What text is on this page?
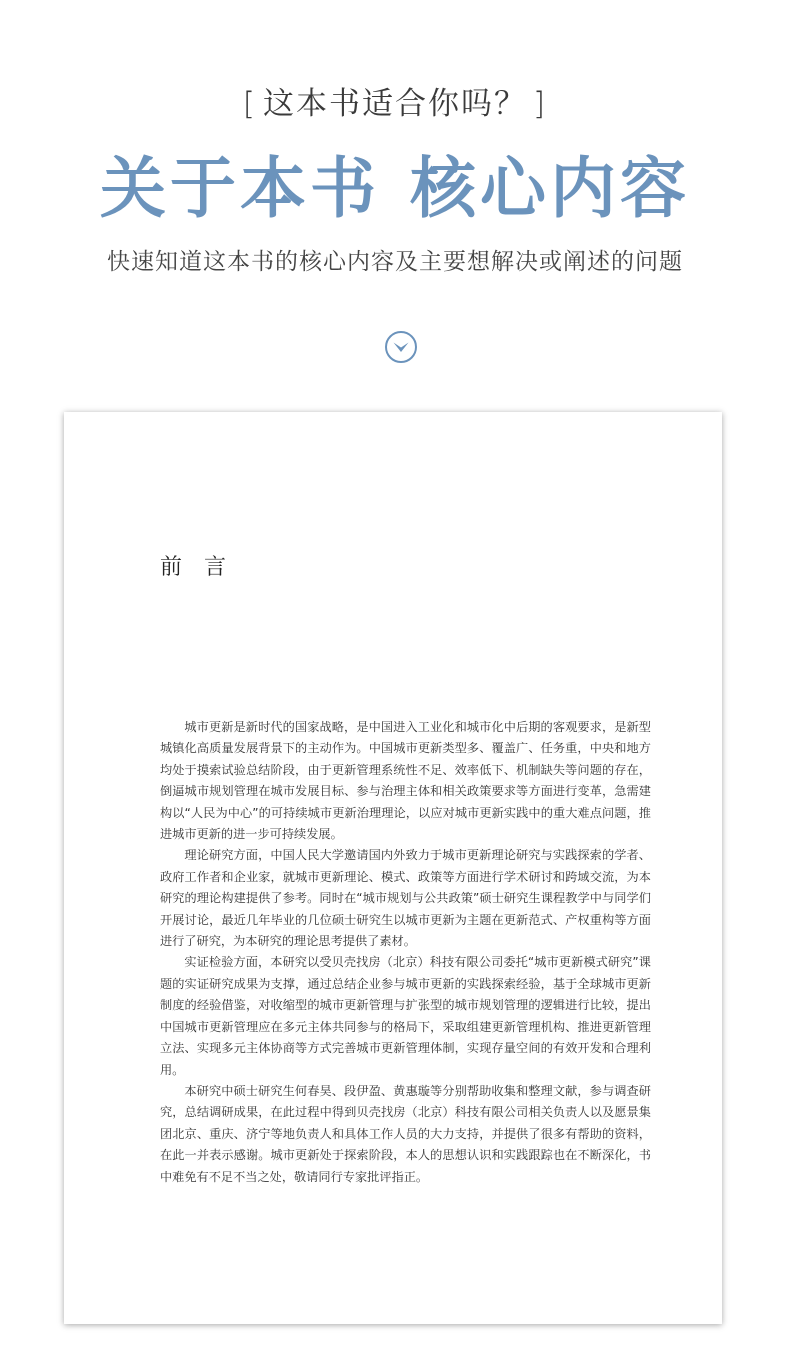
[ 这本书适合你吗？ ]
关于本书 核心内容
快速知道这本书的核心内容及主要想解决或阐述的问题
前言

城市更新是新时代的国家战略，是中国进入工业化和城市化中后期的客观要求，是新型城镇化高质量发展背景下的主动作为。中国城市更新类型多、覆盖广、任务重，中央和地方均处于摸索试验总结阶段，由于更新管理系统性不足、效率低下、机制缺失等问题的存在，倒逼城市规划管理在城市发展目标、参与治理主体和相关政策要求等方面进行变革，急需建构以“人民为中心”的可持续城市更新治理理论，以应对城市更新实践中的重大难点问题，推进城市更新的进一步可持续发展。

理论研究方面，中国人民大学邀请国内外致力于城市更新理论研究与实践探索的学者、政府工作者和企业家，就城市更新理论、模式、政策等方面进行学术研讨和跨域交流，为本研究的理论构建提供了参考。同时在“城市规划与公共政策”硕士研究生课程教学中与同学们开展讨论，最近几年毕业的几位硕士研究生以城市更新为主题在更新范式、产权重构等方面进行了研究，为本研究的理论思考提供了素材。

实证检验方面，本研究以受贝壳找房（北京）科技有限公司委托“城市更新模式研究”课题的实证研究成果为支撑，通过总结企业参与城市更新的实践探索经验，基于全球城市更新制度的经验借鉴，对收缩型的城市更新管理与扩张型的城市规划管理的逻辑进行比较，提出中国城市更新管理应在多元主体共同参与的格局下，采取组建更新管理机构、推进更新管理立法、实现多元主体协商等方式完善城市更新管理体制，实现存量空间的有效开发和合理利用。

本研究中硕士研究生何春昊、段伊盈、黄惠璇等分别帮助收集和整理文献，参与调查研究，总结调研成果，在此过程中得到贝壳找房（北京）科技有限公司相关负责人以及愿景集团北京、重庆、济宁等地负责人和具体工作人员的大力支持，并提供了很多有帮助的资料，在此一并表示感谢。城市更新处于探索阶段，本人的思想认识和实践跟踪也在不断深化，书中难免有不足不当之处，敬请同行专家批评指正。
